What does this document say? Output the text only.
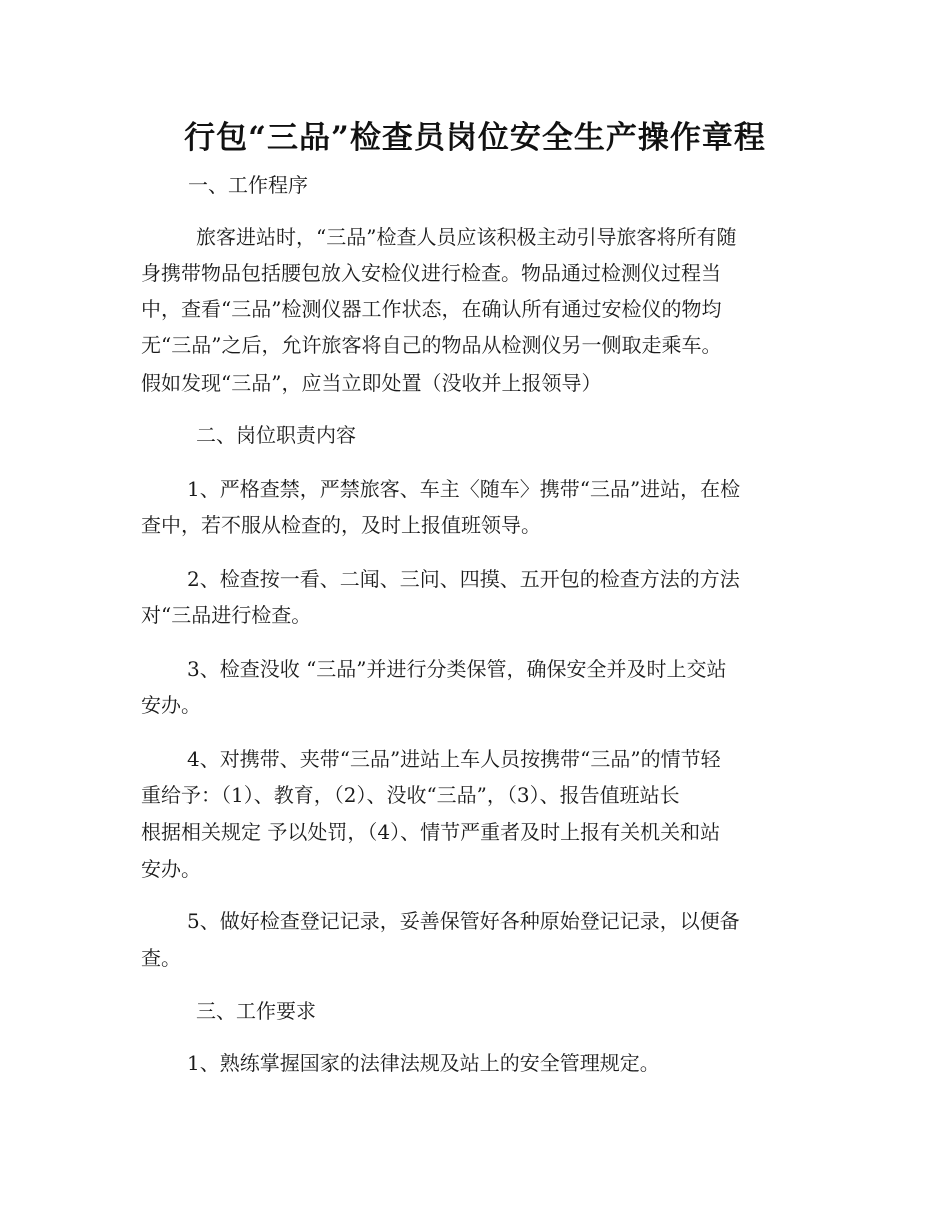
行包“三品”检查员岗位安全生产操作章程
一、工作程序
旅客进站时，“三品”检查人员应该积极主动引导旅客将所有随
身携带物品包括腰包放入安检仪进行检查。物品通过检测仪过程当
中，查看“三品”检测仪器工作状态，在确认所有通过安检仪的物均
无“三品”之后，允许旅客将自己的物品从检测仪另一侧取走乘车。
假如发现“三品”，应当立即处置（没收并上报领导）
二、岗位职责内容
1、严格查禁，严禁旅客、车主〈随车〉携带“三品”进站，在检
查中，若不服从检查的，及时上报值班领导。
2、检查按一看、二闻、三问、四摸、五开包的检查方法的方法
对“三品进行检查。
3、检查没收 “三品”并进行分类保管，确保安全并及时上交站
安办。
4、对携带、夹带“三品”进站上车人员按携带“三品”的情节轻
重给予：（1）、教育，（2）、没收“三品”，（3）、报告值班站长
根据相关规定 予以处罚，（4）、情节严重者及时上报有关机关和站
安办。
5、做好检查登记记录，妥善保管好各种原始登记记录，以便备
查。
三、工作要求
1、熟练掌握国家的法律法规及站上的安全管理规定。
